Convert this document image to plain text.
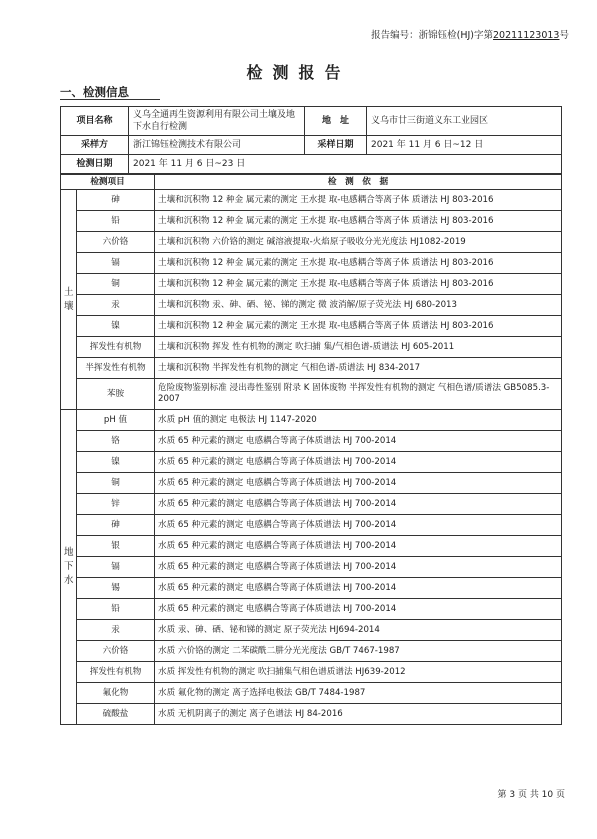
报告编号：浙锦钰检(HJ)字第20211123013号
检测报告
一、检测信息
项目名称	义乌全通再生资源利用有限公司土壤及地下水自行检测	地　址	义乌市廿三街道义东工业园区
采样方	浙江锦钰检测技术有限公司	采样日期	2021 年 11 月 6 日~12 日
检测日期	2021 年 11 月 6 日~23 日		
检测项目		检　测　依　据
土壤	砷	土壤和沉积物 12 种金 属元素的测定 王水提 取-电感耦合等离子体 质谱法 HJ 803-2016
	铅	土壤和沉积物 12 种金 属元素的测定 王水提 取-电感耦合等离子体 质谱法 HJ 803-2016
	六价铬	土壤和沉积物 六价铬的测定 碱溶液提取-火焰原子吸收分光光度法 HJ1082-2019
	镉	土壤和沉积物 12 种金 属元素的测定 王水提 取-电感耦合等离子体 质谱法 HJ 803-2016
	铜	土壤和沉积物 12 种金 属元素的测定 王水提 取-电感耦合等离子体 质谱法 HJ 803-2016
	汞	土壤和沉积物 汞、砷、硒、铋、锑的测定 微 波消解/原子荧光法 HJ 680-2013
	镍	土壤和沉积物 12 种金 属元素的测定 王水提 取-电感耦合等离子体 质谱法 HJ 803-2016
	挥发性有机物	土壤和沉积物 挥发 性有机物的测定 吹扫捕 集/气相色谱-质谱法 HJ 605-2011
	半挥发性有机物	土壤和沉积物 半挥发性有机物的测定 气相色谱-质谱法 HJ 834-2017
	苯胺	危险废物鉴别标准 浸出毒性鉴别 附录 K 固体废物 半挥发性有机物的测定 气相色谱/质谱法 GB5085.3- 2007
地下水	pH 值	水质 pH 值的测定 电极法 HJ 1147-2020
	铬	水质 65 种元素的测定 电感耦合等离子体质谱法 HJ 700-2014
	镍	水质 65 种元素的测定 电感耦合等离子体质谱法 HJ 700-2014
	铜	水质 65 种元素的测定 电感耦合等离子体质谱法 HJ 700-2014
	锌	水质 65 种元素的测定 电感耦合等离子体质谱法 HJ 700-2014
	砷	水质 65 种元素的测定 电感耦合等离子体质谱法 HJ 700-2014
	银	水质 65 种元素的测定 电感耦合等离子体质谱法 HJ 700-2014
	镉	水质 65 种元素的测定 电感耦合等离子体质谱法 HJ 700-2014
	锡	水质 65 种元素的测定 电感耦合等离子体质谱法 HJ 700-2014
	铅	水质 65 种元素的测定 电感耦合等离子体质谱法 HJ 700-2014
	汞	水质 汞、砷、硒、铋和锑的测定 原子荧光法 HJ694-2014
	六价铬	水质 六价铬的测定 二苯碳酰二肼分光光度法 GB/T 7467-1987
	挥发性有机物	水质 挥发性有机物的测定 吹扫捕集气相色谱质谱法 HJ639-2012
	氟化物	水质 氟化物的测定 离子选择电极法 GB/T 7484-1987
	硫酸盐	水质 无机阴离子的测定 离子色谱法 HJ 84-2016
第 3 页 共 10 页
